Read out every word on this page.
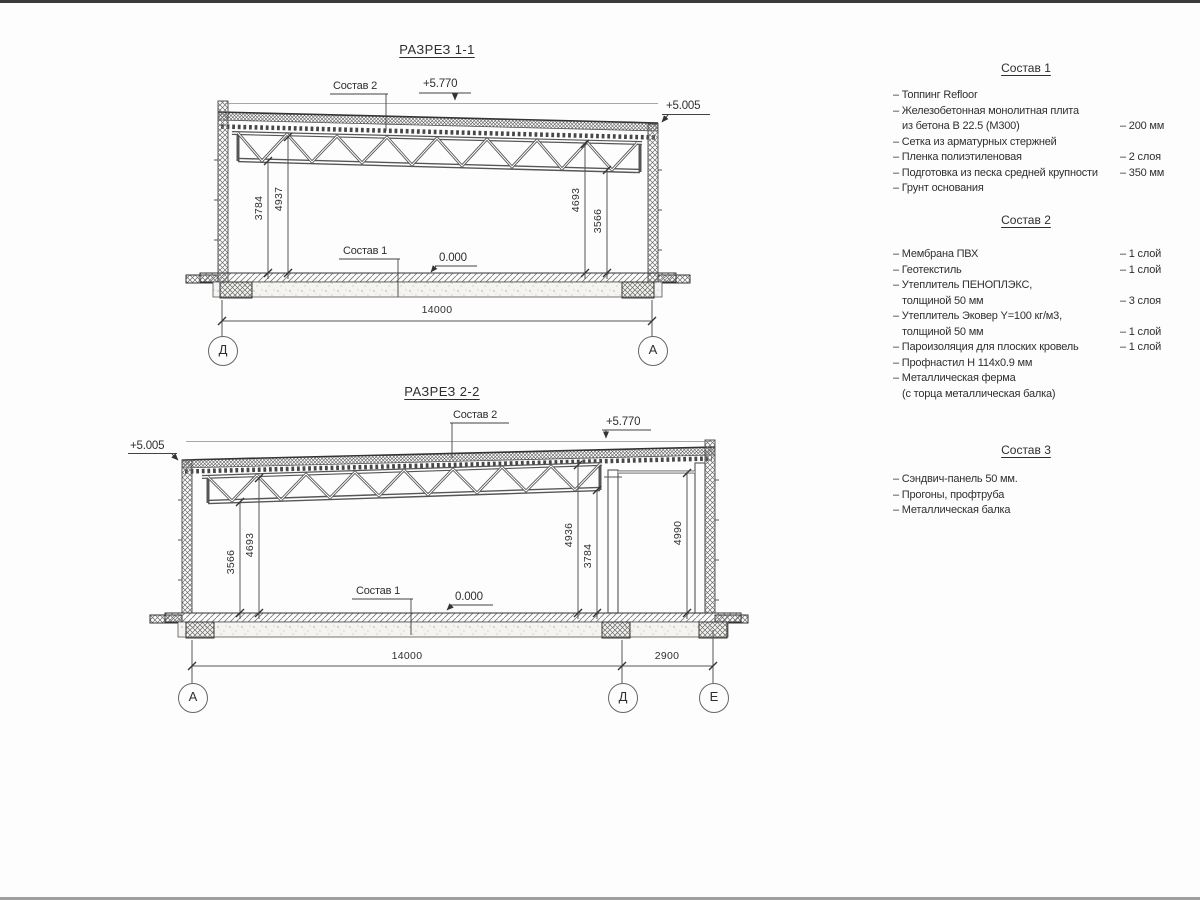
РАЗРЕЗ 1-1
Состав 2	+5.770
+5.005
Состав 1
0.000
3784 4937	4693
3566
14000
Д	А
РАЗРЕЗ 2-2
+5.005
Состав 2
+5.770
Состав 1	0.000
3566
4693	4936
3784
4990
14000	2900
А	Д	Е
Состав 1
– Топпинг Refloor
– Железобетонная монолитная плита
из бетона В 22.5 (М300)	– 200 мм
– Сетка из арматурных стержней
– Пленка полиэтиленовая	– 2 слоя
– Подготовка из песка средней крупности – 350 мм
– Грунт основания
Состав 2
– Мембрана ПВХ	– 1 слой
– Геотекстиль	– 1 слой
– Утеплитель ПЕНОПЛЭКС,
толщиной 50 мм	– 3 слоя
– Утеплитель Эковер Y=100 кг/м3,
толщиной 50 мм	– 1 слой
– Пароизоляция для плоских кровель	– 1 слой
– Профнастил Н 114х0.9 мм
– Металлическая ферма
(с торца металлическая балка)
Состав 3
– Сэндвич-панель 50 мм.
– Прогоны, профтруба
– Металлическая балка
